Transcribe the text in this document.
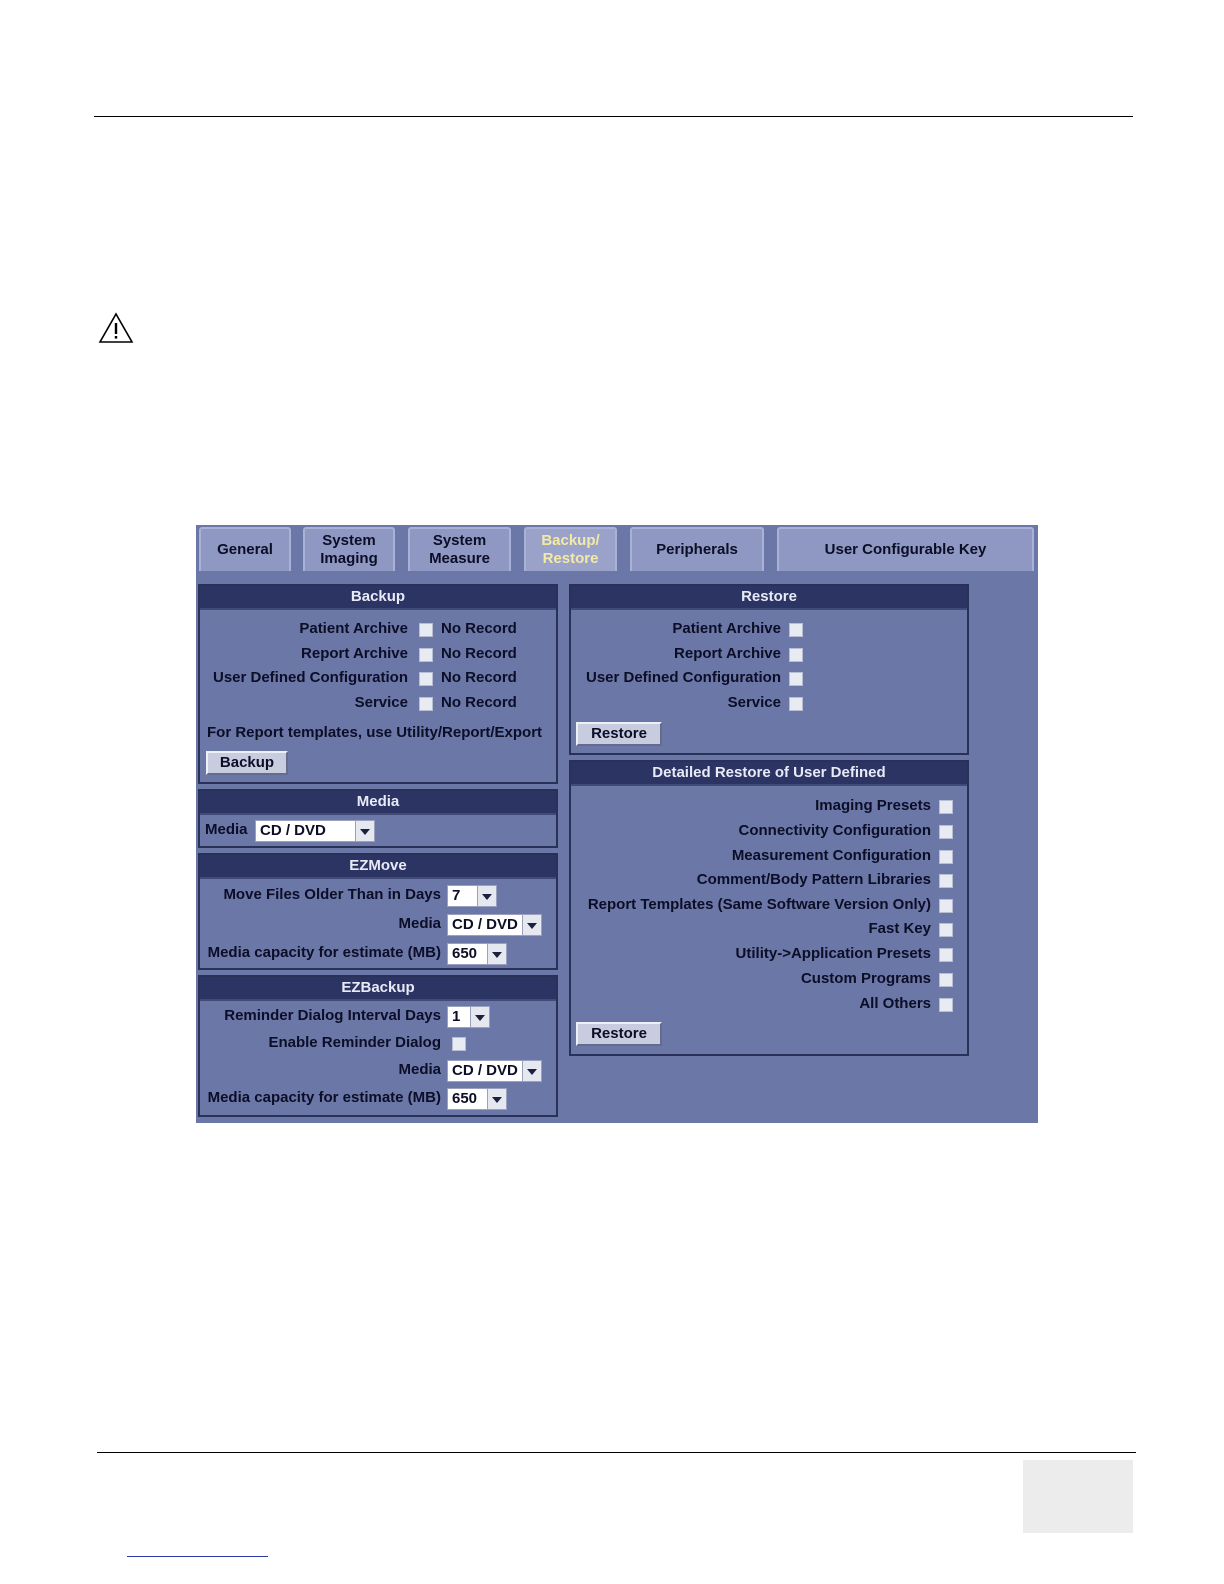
General
System
Imaging
System
Measure
Backup/
Restore
Peripherals	User Configurable Key
Backup
Patient Archive No Record
Report Archive No Record
User Defined Configuration No Record
Service No Record
For Report templates, use Utility/Report/Export
Backup
Media
Media CD / DVD
EZMove
Move Files Older Than in Days 7
Media CD / DVD
Media capacity for estimate (MB) 650
EZBackup
Reminder Dialog Interval Days 1
Enable Reminder Dialog
Media CD / DVD
Media capacity for estimate (MB) 650
Restore
Patient Archive
Report Archive
User Defined Configuration
Service
Restore
Detailed Restore of User Defined
Imaging Presets
Connectivity Configuration
Measurement Configuration
Comment/Body Pattern Libraries
Report Templates (Same Software Version Only)
Fast Key
Utility->Application Presets
Custom Programs
All Others
Restore
